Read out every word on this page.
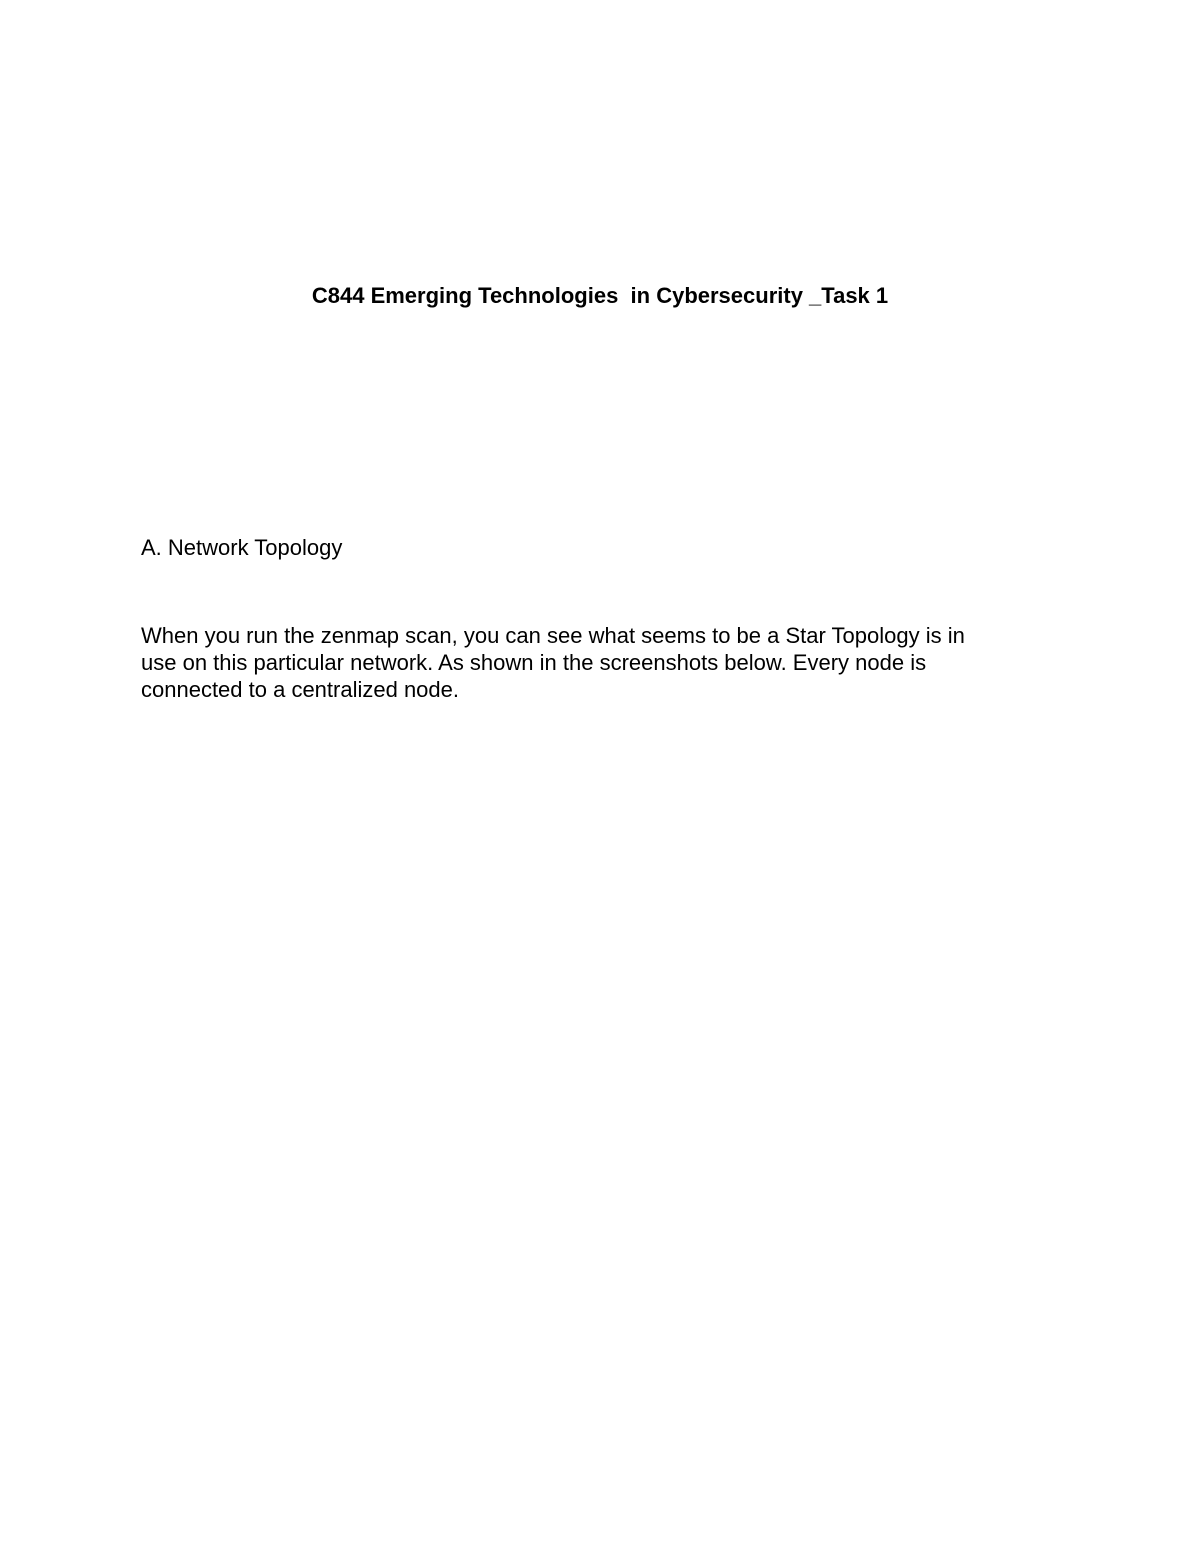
C844 Emerging Technologies  in Cybersecurity _Task 1
A. Network Topology

When you run the zenmap scan, you can see what seems to be a Star Topology is in
use on this particular network. As shown in the screenshots below. Every node is
connected to a centralized node.
